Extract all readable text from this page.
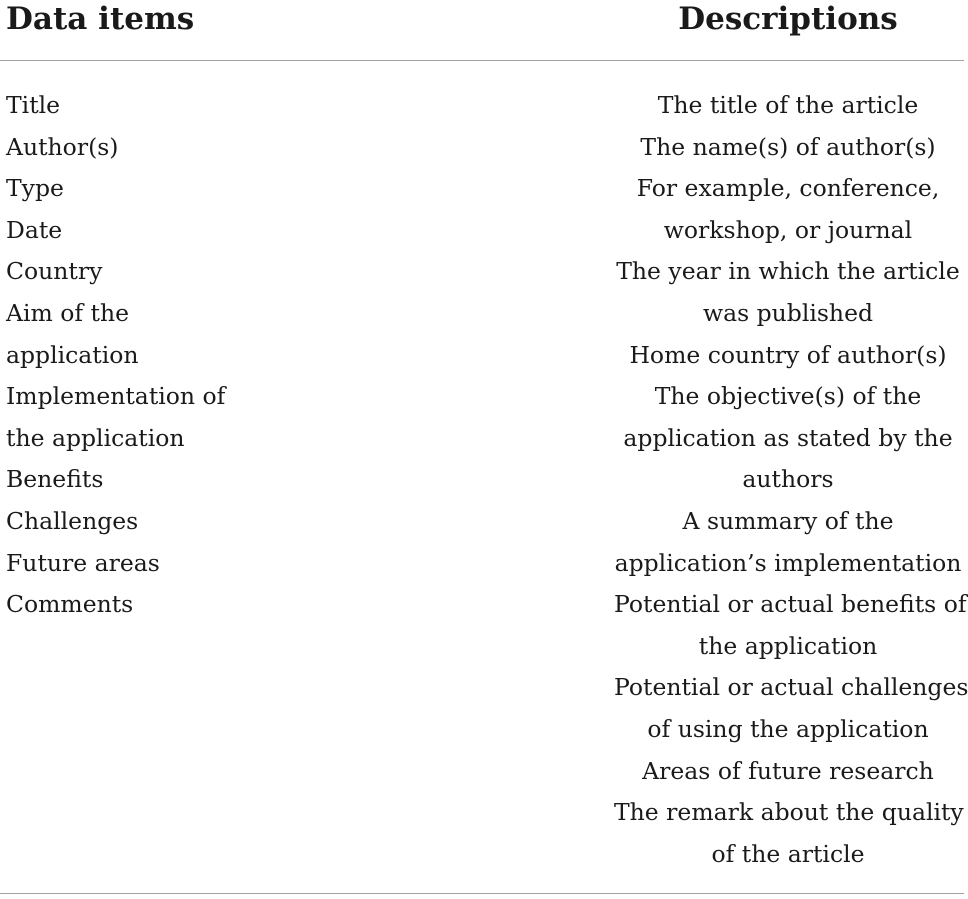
Data items	Descriptions
Title
Author(s)
Type
Date
Country
Aim of the
application
Implementation of
the application
Benefits
Challenges
Future areas
Comments
The title of the article
The name(s) of author(s)
For example, conference,
workshop, or journal
The year in which the article
was published
Home country of author(s)
The objective(s) of the
application as stated by the
authors
A summary of the
application’s implementation
Potential or actual benefits of
the application
Potential or actual challenges
of using the application
Areas of future research
The remark about the quality
of the article
